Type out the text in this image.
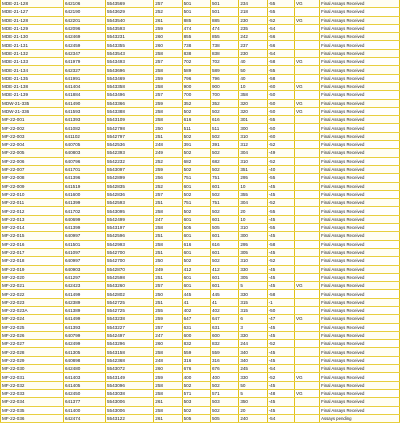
MDE-21-128	642106	5543569	257	501	501	234	-55	VG	Final Assays Received
MDE-21-127	642190	5543629	252	501	501	218	-55		Final Assays Received
MDE-21-128	642201	5543540	261	885	885	230	-52	VG	Final Assays Received
MDE-21-129	642096	5543593	259	474	474	235	-54		Final Assays Received
MDE-21-130	642469	5543231	260	855	855	242	-56		Final Assays Received
MDE-21-131	642459	5543355	260	738	738	237	-56		Final Assays Received
MDE-21-132	642347	5543543	258	838	838	230	-54		Final Assays Received
MDE-21-133	641979	5543493	257	702	702	40	-58	VG	Final Assays Received
MDE-21-134	642327	5543696	258	589	589	50	-55		Final Assays Received
MDE-21-135	641991	5543469	259	796	796	40	-58		Final Assays Received
MDE-21-138	641404	5543358	258	900	900	10	-60	VG	Final Assays Received
MDE-21-139	641884	5543496	257	700	700	358	-50		Final Assays Received
MDW-21-335	641490	5543366	259	352	352	320	-50	VG	Final Assays Received
MDW-21-336	641593	5543388	258	502	502	320	-50	VG	Final Assays Received
MF-22-001	641393	5543109	258	616	616	301	-55		Final Assays Received
MF-22-002	641082	5542798	250	511	511	300	-50		Final Assays Received
MF-22-003	641102	5542797	251	502	502	310	-60		Final Assays Received
MF-22-004	640705	5542536	248	391	391	312	-52		Final Assays Received
MF-22-005	640803	5542393	249	502	502	304	-49		Final Assays Received
MF-22-006	640796	5542232	252	682	682	310	-52		Final Assays Received
MF-22-007	641701	5543097	259	502	502	351	-40		Final Assays Received
MF-22-008	641396	5542899	256	751	751	295	-55		Final Assays Received
MF-22-009	641519	5542835	252	601	601	10	-45		Final Assays Received
MF-22-010	641600	5542836	257	502	502	355	-45		Final Assays Received
MF-22-011	641399	5542593	251	751	751	304	-52		Final Assays Received
MF-22-012	641702	5543095	258	502	502	20	-55		Final Assays Received
MF-22-013	640699	5542499	247	601	601	10	-45		Final Assays Received
MF-22-014	641399	5543197	258	505	505	310	-55		Final Assays Received
MF-22-015	640997	5542596	251	601	601	300	-45		Final Assays Received
MF-22-016	641501	5542993	258	616	616	295	-58		Final Assays Received
MF-22-017	641097	5542700	251	601	601	305	-45		Final Assays Received
MF-22-018	640997	5542700	250	502	502	310	-52		Final Assays Received
MF-22-019	640903	5542870	249	412	412	330	-45		Final Assays Received
MF-22-020	641297	5542598	251	601	601	305	-45		Final Assays Received
MF-22-021	642423	5543260	257	601	601	5	-45	VG	Final Assays Received
MF-22-022	641499	5542802	250	445	445	330	-58		Final Assays Received
MF-22-023	642389	5542725	251	41	41	315	-1		Final Assays Received
MF-22-023A	641389	5542725	255	402	402	315	-50		Final Assays Received
MF-22-024	641499	5543238	259	647	647	6	-47	VG	Final Assays Received
MF-22-025	641393	5543227	257	631	631	3	-45		Final Assays Received
MF-22-026	640799	5542497	247	600	600	330	-45		Final Assays Received
MF-22-027	642499	5543296	260	832	832	244	-52		Final Assays Received
MF-22-028	641305	5543158	258	559	559	340	-45		Final Assays Received
MF-22-029	640898	5542368	248	316	316	340	-45		Final Assays Received
MF-22-030	642480	5543072	260	676	676	245	-54		Final Assays Received
MF-22-031	641403	5543149	259	400	400	330	-52	VG	Final Assays Received
MF-22-032	641405	5543096	258	502	502	50	-45		Final Assays Received
MF-22-033	642450	5543038	258	571	571	5	-48	VG	Final Assays Received
MF-22-034	641377	5543006	261	503	503	350	-45		Final Assays Received
MF-22-035	641400	5543006	258	502	502	20	-45		Final Assays Received
MF-22-036	642474	5543122	261	505	505	240	-54		Assays pending
